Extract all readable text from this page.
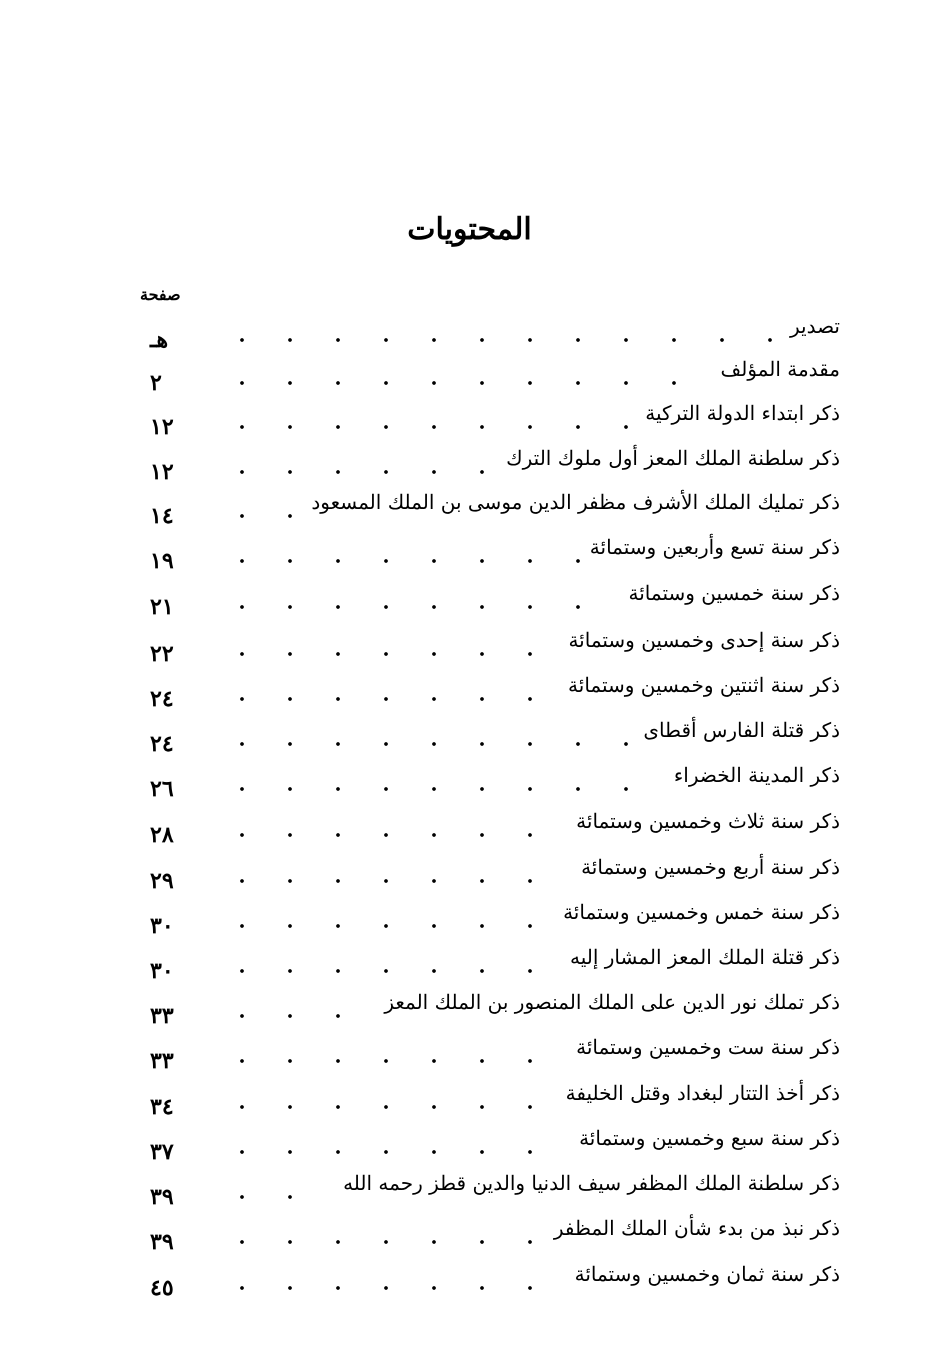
المحتويات
صفحة
تصدير
هـ
مقدمة المؤلف
٢
ذكر ابتداء الدولة التركية
١٢
ذكر سلطنة الملك المعز أول ملوك الترك
١٢
ذكر تمليك الملك الأشرف مظفر الدين موسى بن الملك المسعود
١٤
ذكر سنة تسع وأربعين وستمائة
١٩
ذكر سنة خمسين وستمائة
٢١
ذكر سنة إحدى وخمسين وستمائة
٢٢
ذكر سنة اثنتين وخمسين وستمائة
٢٤
ذكر قتلة الفارس أقطاى
٢٤
ذكر المدينة الخضراء
٢٦
ذكر سنة ثلاث وخمسين وستمائة
٢٨
ذكر سنة أربع وخمسين وستمائة
٢٩
ذكر سنة خمس وخمسين وستمائة
٣٠
ذكر قتلة الملك المعز المشار إليه
٣٠
ذكر تملك نور الدين على الملك المنصور بن الملك المعز
٣٣
ذكر سنة ست وخمسين وستمائة
٣٣
ذكر أخذ التتار لبغداد وقتل الخليفة
٣٤
ذكر سنة سبع وخمسين وستمائة
٣٧
ذكر سلطنة الملك المظفر سيف الدنيا والدين قطز رحمه الله
٣٩
ذكر نبذ من بدء شأن الملك المظفر
٣٩
ذكر سنة ثمان وخمسين وستمائة
٤٥
